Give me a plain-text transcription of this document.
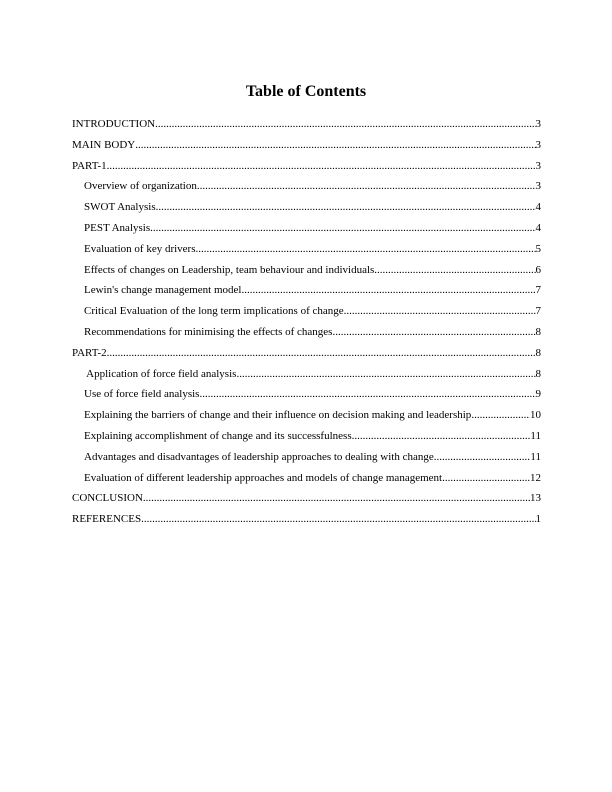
Table of Contents
INTRODUCTION .....	3
MAIN BODY .....	3
PART-1 .....	3
Overview of organization .....	3
SWOT Analysis .....	4
PEST Analysis .....	4
Evaluation of key drivers .....	5
Effects of changes on Leadership, team behaviour and individuals .....	6
Lewin's change management model .....	7
Critical Evaluation of the long term implications of change .....	7
Recommendations for minimising the effects of changes .....	8
PART-2 .....	8
Application of force field analysis .....	8
Use of force field analysis .....	9
Explaining the barriers of change and their influence on decision making and leadership .....	10
Explaining accomplishment of change and its successfulness .....	11
Advantages and disadvantages of leadership approaches to dealing with change .....	11
Evaluation of different leadership approaches and models of change management .....	12
CONCLUSION .....	13
REFERENCES .....	1
